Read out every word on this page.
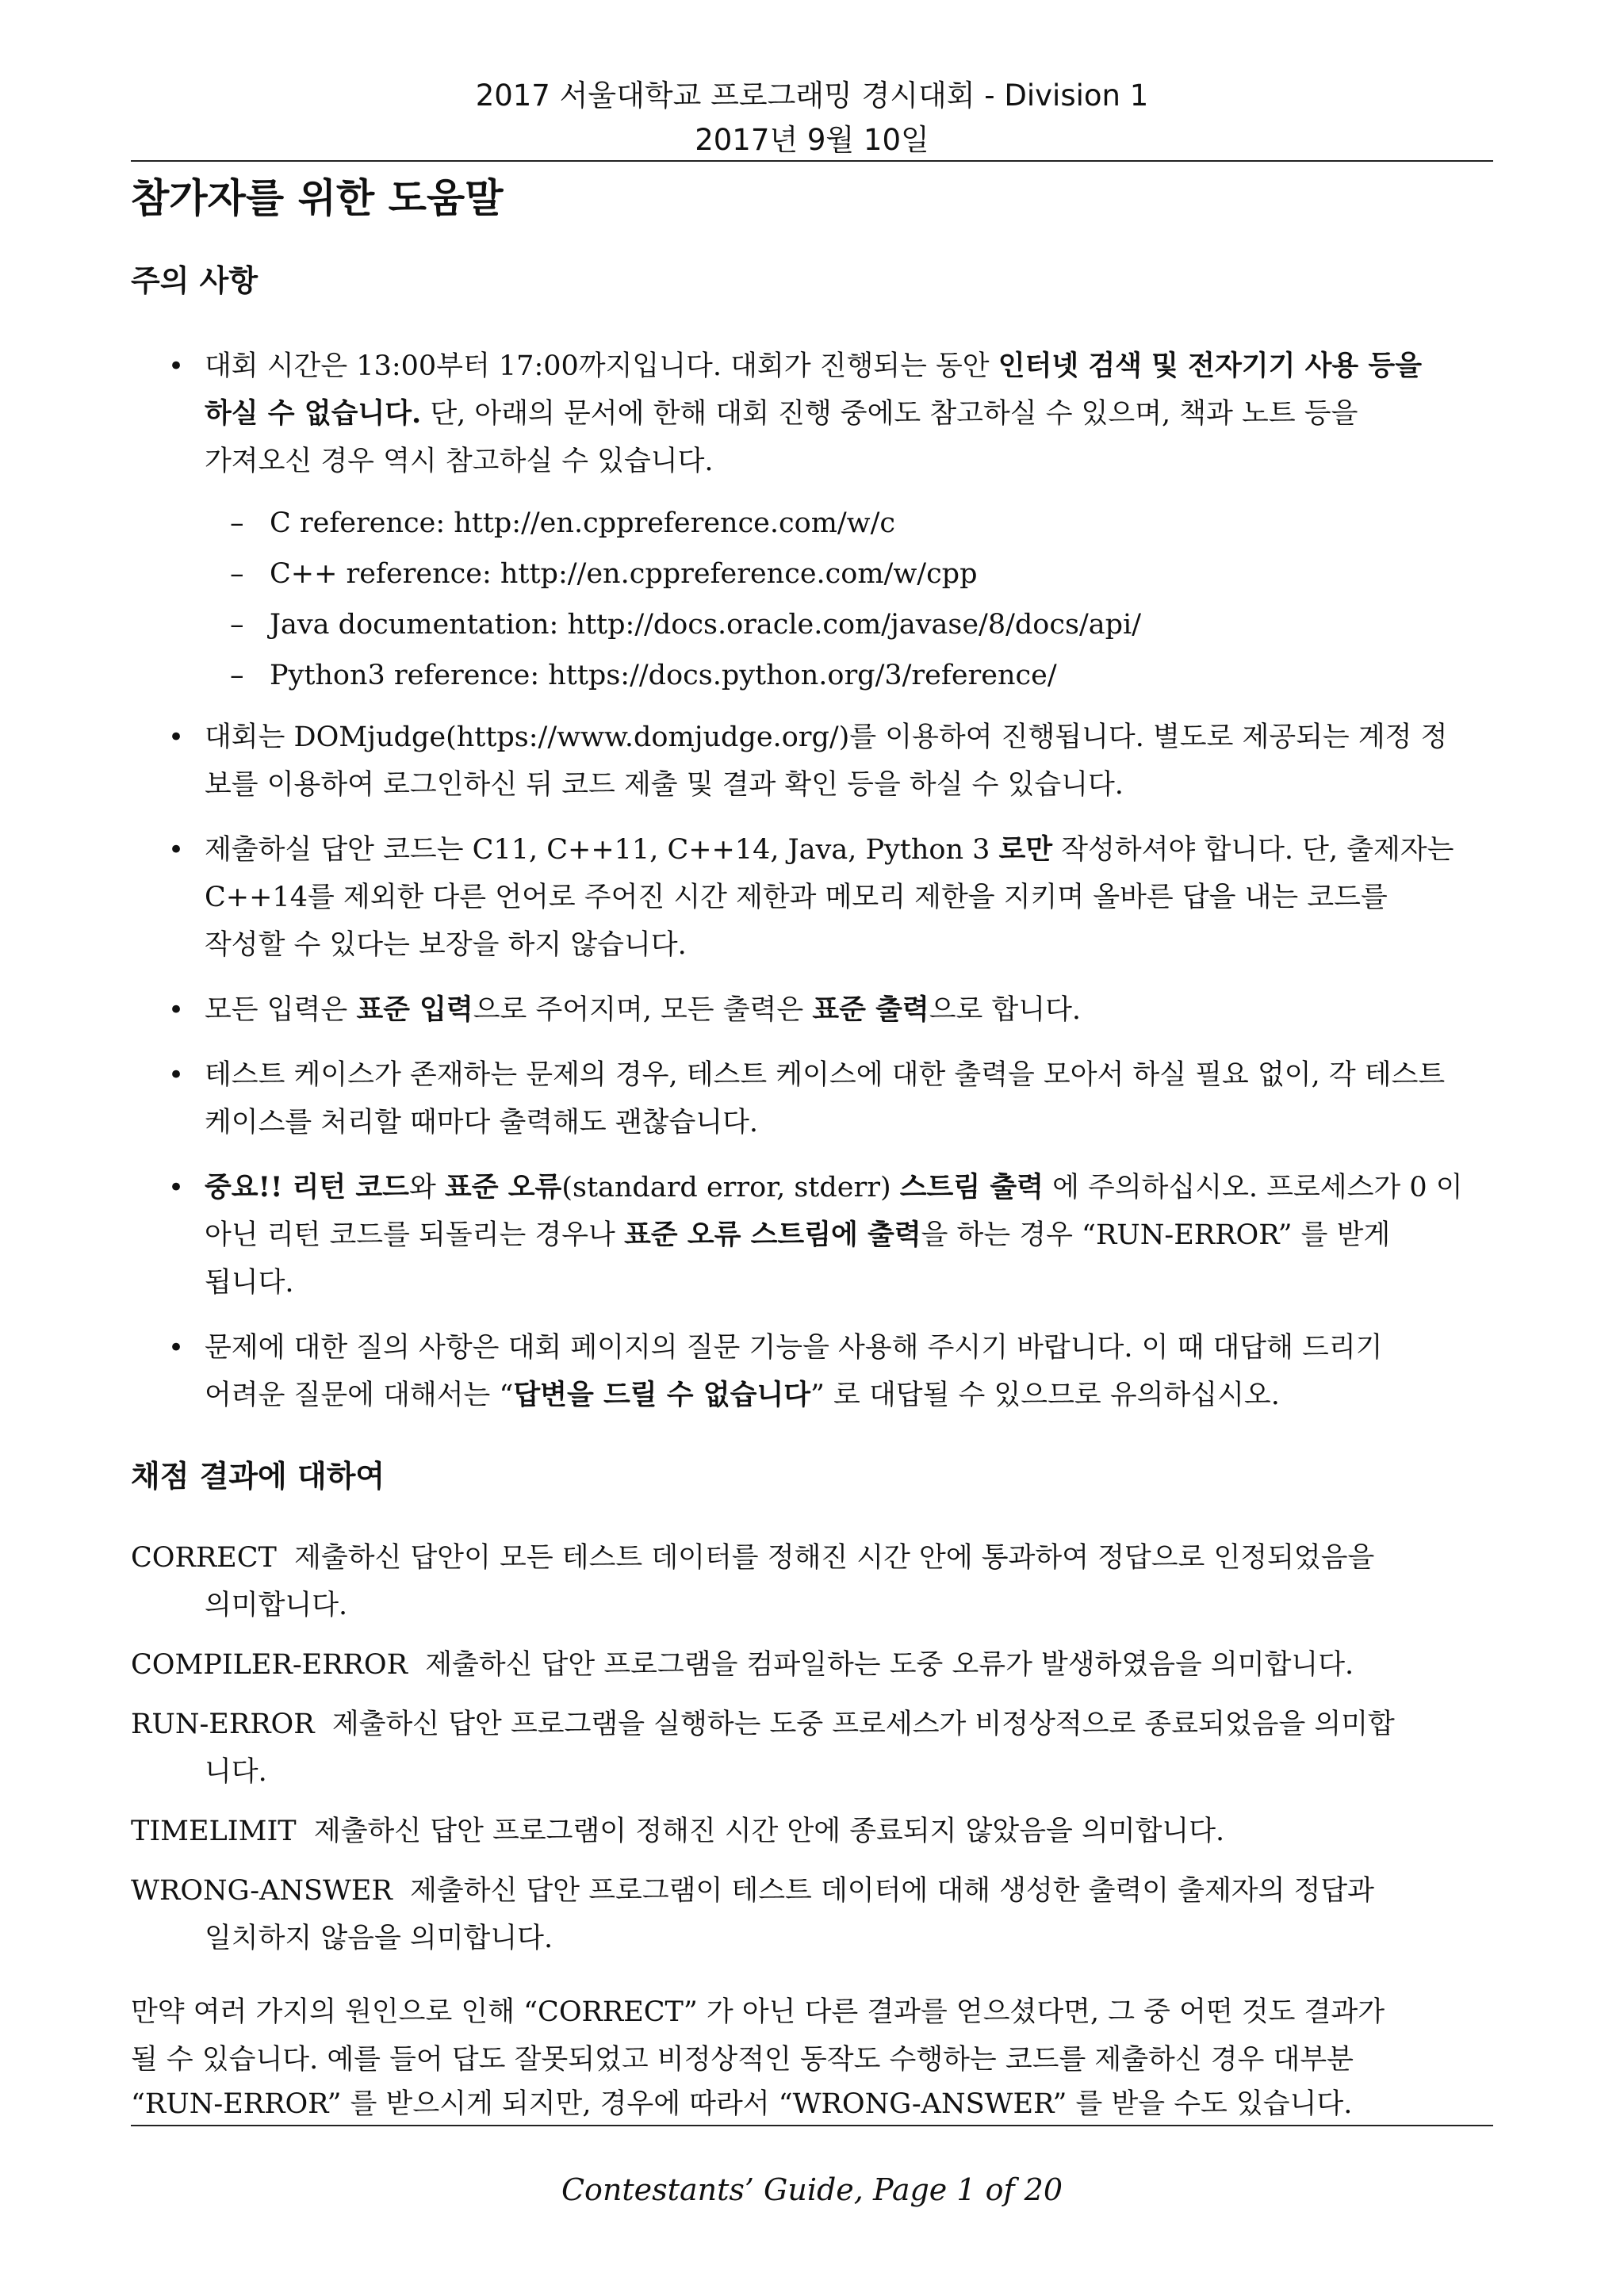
2017 서울대학교 프로그래밍 경시대회 - Division 1
2017년 9월 10일
참가자를 위한 도움말
주의 사항
• 대회 시간은 13:00부터 17:00까지입니다. 대회가 진행되는 동안 인터넷 검색 및 전자기기 사용 등을
하실 수 없습니다. 단, 아래의 문서에 한해 대회 진행 중에도 참고하실 수 있으며, 책과 노트 등을
가져오신 경우 역시 참고하실 수 있습니다.
– C reference: http://en.cppreference.com/w/c
– C++ reference: http://en.cppreference.com/w/cpp
– Java documentation: http://docs.oracle.com/javase/8/docs/api/
– Python3 reference: https://docs.python.org/3/reference/
• 대회는 DOMjudge(https://www.domjudge.org/)를 이용하여 진행됩니다. 별도로 제공되는 계정 정
보를 이용하여 로그인하신 뒤 코드 제출 및 결과 확인 등을 하실 수 있습니다.
• 제출하실 답안 코드는 C11, C++11, C++14, Java, Python 3 로만 작성하셔야 합니다. 단, 출제자는
C++14를 제외한 다른 언어로 주어진 시간 제한과 메모리 제한을 지키며 올바른 답을 내는 코드를
작성할 수 있다는 보장을 하지 않습니다.
• 모든 입력은 표준 입력으로 주어지며, 모든 출력은 표준 출력으로 합니다.
• 테스트 케이스가 존재하는 문제의 경우, 테스트 케이스에 대한 출력을 모아서 하실 필요 없이, 각 테스트
케이스를 처리할 때마다 출력해도 괜찮습니다.
• 중요!! 리턴 코드와 표준 오류(standard error, stderr) 스트림 출력 에 주의하십시오. 프로세스가 0 이
아닌 리턴 코드를 되돌리는 경우나 표준 오류 스트림에 출력을 하는 경우 “RUN-ERROR” 를 받게
됩니다.
• 문제에 대한 질의 사항은 대회 페이지의 질문 기능을 사용해 주시기 바랍니다. 이 때 대답해 드리기
어려운 질문에 대해서는 “답변을 드릴 수 없습니다” 로 대답될 수 있으므로 유의하십시오.
채점 결과에 대하여
CORRECT 제출하신 답안이 모든 테스트 데이터를 정해진 시간 안에 통과하여 정답으로 인정되었음을
의미합니다.
COMPILER-ERROR 제출하신 답안 프로그램을 컴파일하는 도중 오류가 발생하였음을 의미합니다.
RUN-ERROR 제출하신 답안 프로그램을 실행하는 도중 프로세스가 비정상적으로 종료되었음을 의미합
니다.
TIMELIMIT 제출하신 답안 프로그램이 정해진 시간 안에 종료되지 않았음을 의미합니다.
WRONG-ANSWER 제출하신 답안 프로그램이 테스트 데이터에 대해 생성한 출력이 출제자의 정답과
일치하지 않음을 의미합니다.
만약 여러 가지의 원인으로 인해 “CORRECT” 가 아닌 다른 결과를 얻으셨다면, 그 중 어떤 것도 결과가
될 수 있습니다. 예를 들어 답도 잘못되었고 비정상적인 동작도 수행하는 코드를 제출하신 경우 대부분
“RUN-ERROR” 를 받으시게 되지만, 경우에 따라서 “WRONG-ANSWER” 를 받을 수도 있습니다.
Contestants’ Guide, Page 1 of 20
